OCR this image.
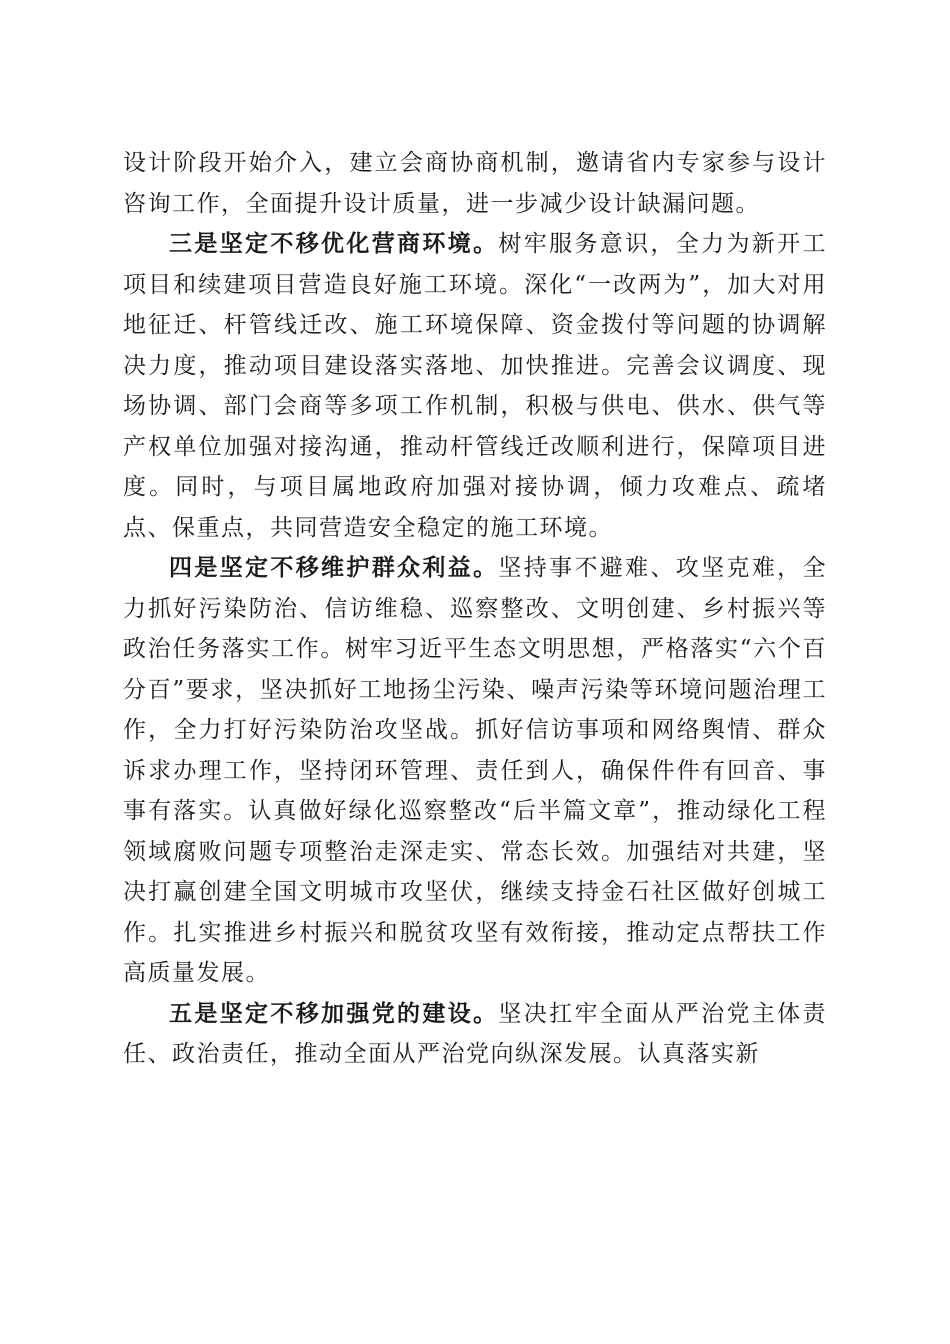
设计阶段开始介入，建立会商协商机制，邀请省内专家参与设计咨询工作，全面提升设计质量，进一步减少设计缺漏问题。

三是坚定不移优化营商环境。树牢服务意识，全力为新开工项目和续建项目营造良好施工环境。深化“一改两为”，加大对用地征迁、杆管线迁改、施工环境保障、资金拨付等问题的协调解决力度，推动项目建设落实落地、加快推进。完善会议调度、现场协调、部门会商等多项工作机制，积极与供电、供水、供气等产权单位加强对接沟通，推动杆管线迁改顺利进行，保障项目进度。同时，与项目属地政府加强对接协调，倾力攻难点、疏堵点、保重点，共同营造安全稳定的施工环境。

四是坚定不移维护群众利益。坚持事不避难、攻坚克难，全力抓好污染防治、信访维稳、巡察整改、文明创建、乡村振兴等政治任务落实工作。树牢习近平生态文明思想，严格落实“六个百分百”要求，坚决抓好工地扬尘污染、噪声污染等环境问题治理工作，全力打好污染防治攻坚战。抓好信访事项和网络舆情、群众诉求办理工作，坚持闭环管理、责任到人，确保件件有回音、事事有落实。认真做好绿化巡察整改“后半篇文章”，推动绿化工程领域腐败问题专项整治走深走实、常态长效。加强结对共建，坚决打赢创建全国文明城市攻坚伏，继续支持金石社区做好创城工作。扎实推进乡村振兴和脱贫攻坚有效衔接，推动定点帮扶工作高质量发展。

五是坚定不移加强党的建设。坚决扛牢全面从严治党主体责任、政治责任，推动全面从严治党向纵深发展。认真落实新
